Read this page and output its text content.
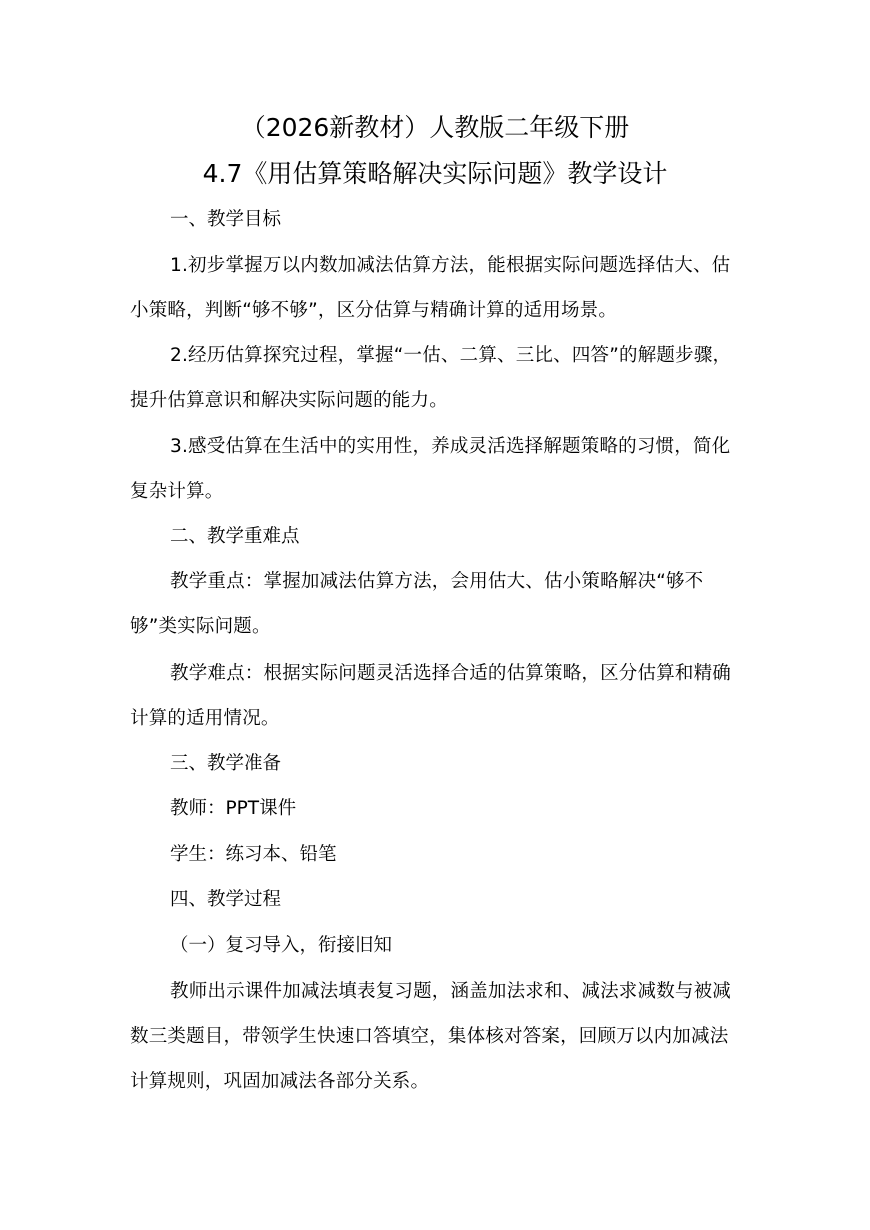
（2026新教材）人教版二年级下册
4.7《用估算策略解决实际问题》教学设计
一、教学目标

1.初步掌握万以内数加减法估算方法，能根据实际问题选择估大、估小策略，判断“够不够”，区分估算与精确计算的适用场景。

2.经历估算探究过程，掌握“一估、二算、三比、四答”的解题步骤，提升估算意识和解决实际问题的能力。

3.感受估算在生活中的实用性，养成灵活选择解题策略的习惯，简化复杂计算。

二、教学重难点

教学重点：掌握加减法估算方法，会用估大、估小策略解决“够不够”类实际问题。

教学难点：根据实际问题灵活选择合适的估算策略，区分估算和精确计算的适用情况。

三、教学准备
教师：PPT课件
学生：练习本、铅笔
四、教学过程
（一）复习导入，衔接旧知

教师出示课件加减法填表复习题，涵盖加法求和、减法求减数与被减数三类题目，带领学生快速口答填空，集体核对答案，回顾万以内加减法计算规则，巩固加减法各部分关系。
